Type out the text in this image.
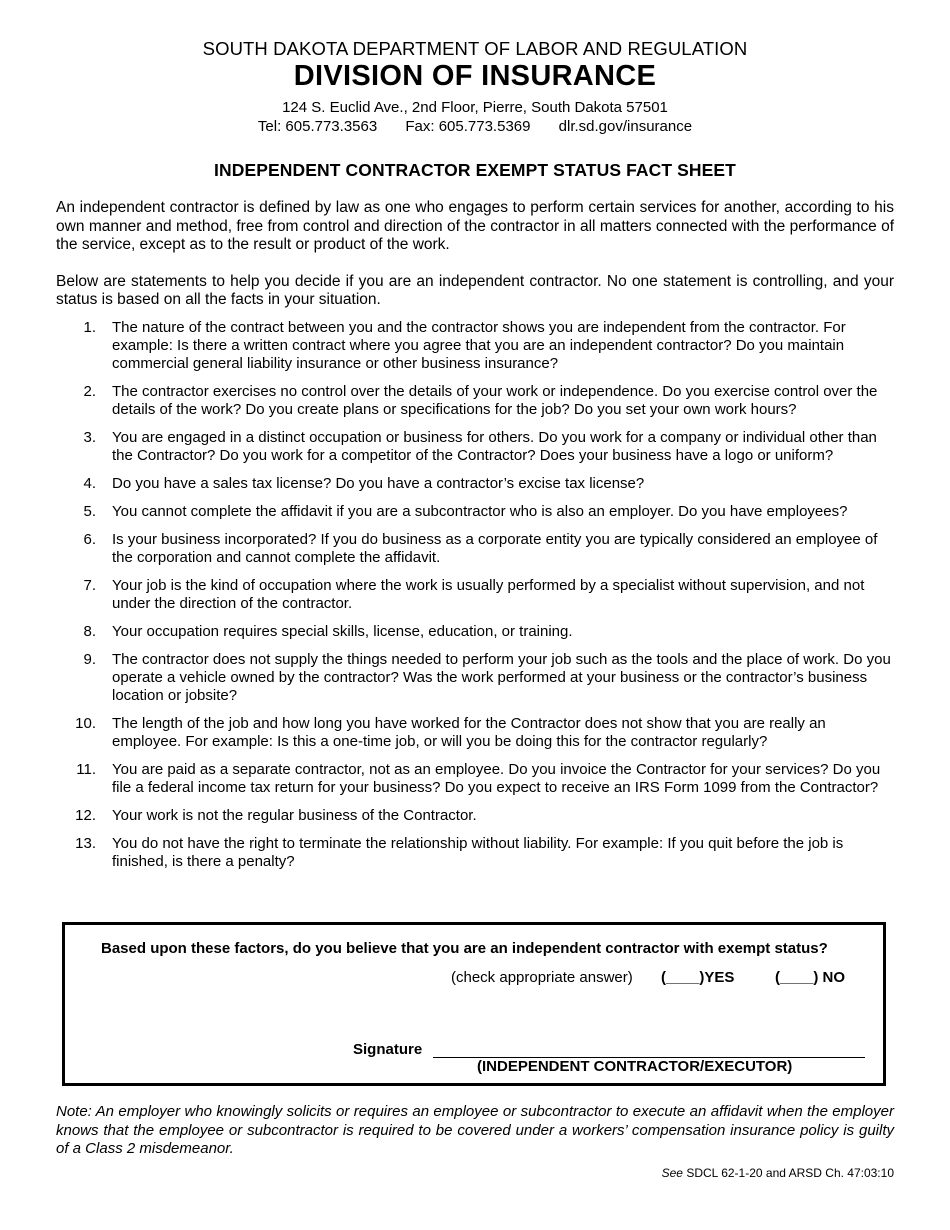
SOUTH DAKOTA DEPARTMENT OF LABOR AND REGULATION
DIVISION OF INSURANCE
124 S. Euclid Ave., 2nd Floor, Pierre, South Dakota 57501
Tel: 605.773.3563 Fax: 605.773.5369 dlr.sd.gov/insurance
INDEPENDENT CONTRACTOR EXEMPT STATUS FACT SHEET
An independent contractor is defined by law as one who engages to perform certain services for another, according to his own manner and method, free from control and direction of the contractor in all matters connected with the performance of the service, except as to the result or product of the work.
Below are statements to help you decide if you are an independent contractor. No one statement is controlling, and your status is based on all the facts in your situation.
1. The nature of the contract between you and the contractor shows you are independent from the contractor. For example: Is there a written contract where you agree that you are an independent contractor? Do you maintain commercial general liability insurance or other business insurance?
2. The contractor exercises no control over the details of your work or independence. Do you exercise control over the details of the work? Do you create plans or specifications for the job? Do you set your own work hours?
3. You are engaged in a distinct occupation or business for others. Do you work for a company or individual other than the Contractor? Do you work for a competitor of the Contractor? Does your business have a logo or uniform?
4. Do you have a sales tax license? Do you have a contractor’s excise tax license?
5. You cannot complete the affidavit if you are a subcontractor who is also an employer. Do you have employees?
6. Is your business incorporated? If you do business as a corporate entity you are typically considered an employee of the corporation and cannot complete the affidavit.
7. Your job is the kind of occupation where the work is usually performed by a specialist without supervision, and not under the direction of the contractor.
8. Your occupation requires special skills, license, education, or training.
9. The contractor does not supply the things needed to perform your job such as the tools and the place of work. Do you operate a vehicle owned by the contractor? Was the work performed at your business or the contractor’s business location or jobsite?
10. The length of the job and how long you have worked for the Contractor does not show that you are really an employee. For example: Is this a one-time job, or will you be doing this for the contractor regularly?
11. You are paid as a separate contractor, not as an employee. Do you invoice the Contractor for your services? Do you file a federal income tax return for your business? Do you expect to receive an IRS Form 1099 from the Contractor?
12. Your work is not the regular business of the Contractor.
13. You do not have the right to terminate the relationship without liability. For example: If you quit before the job is finished, is there a penalty?
Based upon these factors, do you believe that you are an independent contractor with exempt status?
(check appropriate answer) (____)YES	(____) NO
Signature
(INDEPENDENT CONTRACTOR/EXECUTOR)
Note: An employer who knowingly solicits or requires an employee or subcontractor to execute an affidavit when the employer knows that the employee or subcontractor is required to be covered under a workers’ compensation insurance policy is guilty of a Class 2 misdemeanor.
See SDCL 62-1-20 and ARSD Ch. 47:03:10
